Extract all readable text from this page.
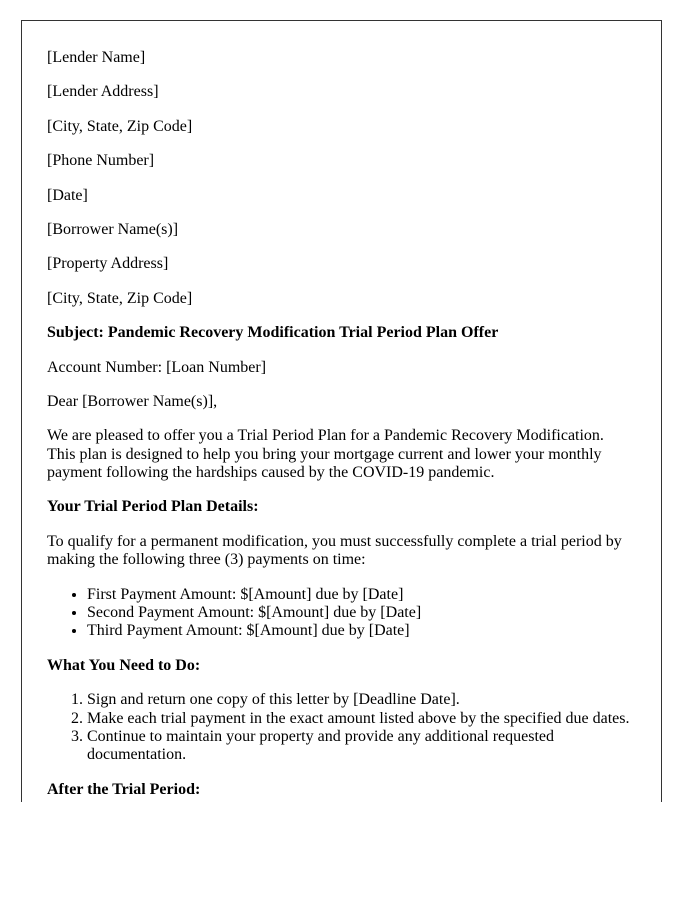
[Lender Name]

[Lender Address]

[City, State, Zip Code]

[Phone Number]

[Date]

[Borrower Name(s)]

[Property Address]

[City, State, Zip Code]

Subject: Pandemic Recovery Modification Trial Period Plan Offer

Account Number: [Loan Number]

Dear [Borrower Name(s)],

We are pleased to offer you a Trial Period Plan for a Pandemic Recovery Modification. This plan is designed to help you bring your mortgage current and lower your monthly payment following the hardships caused by the COVID-19 pandemic.

Your Trial Period Plan Details:

To qualify for a permanent modification, you must successfully complete a trial period by making the following three (3) payments on time:

• First Payment Amount: $[Amount] due by [Date]
• Second Payment Amount: $[Amount] due by [Date]
• Third Payment Amount: $[Amount] due by [Date]

What You Need to Do:

1. Sign and return one copy of this letter by [Deadline Date].
2. Make each trial payment in the exact amount listed above by the specified due dates.
3. Continue to maintain your property and provide any additional requested documentation.

After the Trial Period:
